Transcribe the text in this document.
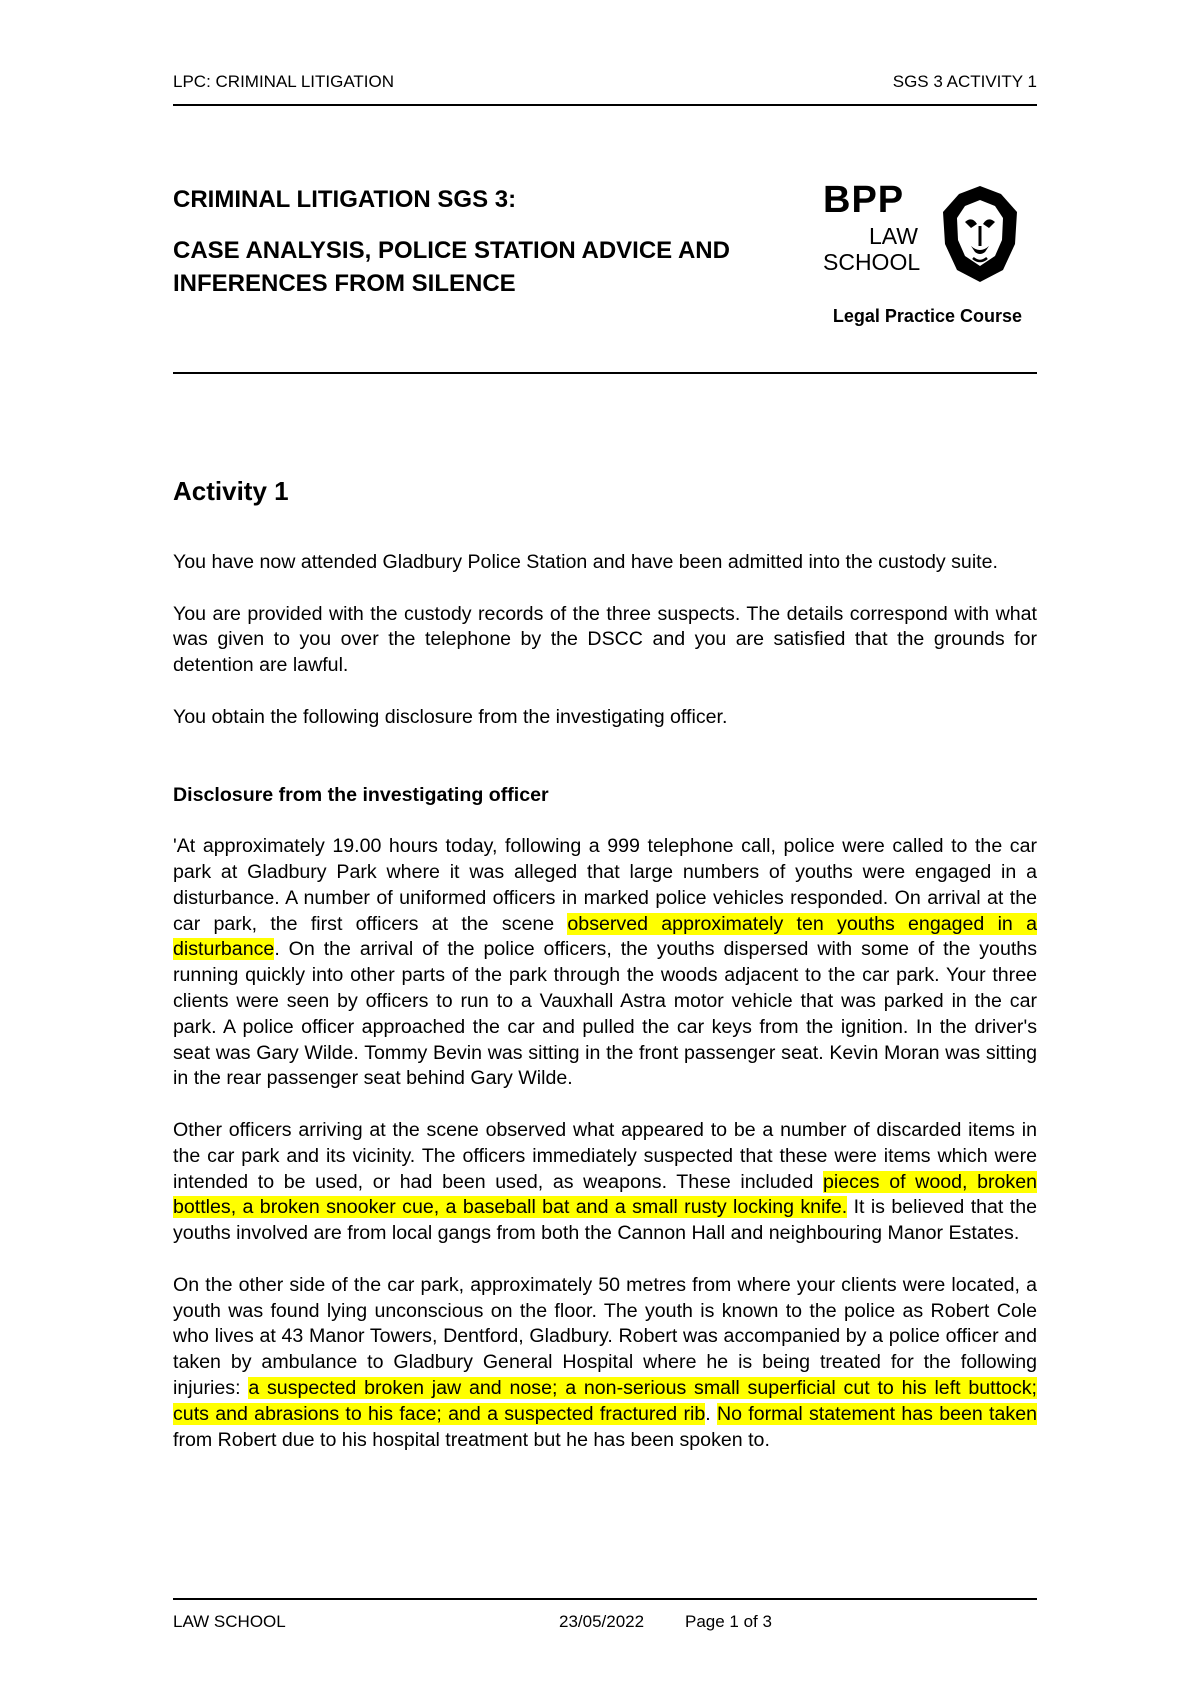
LPC: CRIMINAL LITIGATION	SGS 3 ACTIVITY 1

CRIMINAL LITIGATION SGS 3:

CASE ANALYSIS, POLICE STATION ADVICE AND INFERENCES FROM SILENCE

BPP
LAW
SCHOOL
Legal Practice Course
Activity 1

You have now attended Gladbury Police Station and have been admitted into the custody suite.

You are provided with the custody records of the three suspects. The details correspond with what was given to you over the telephone by the DSCC and you are satisfied that the grounds for detention are lawful.

You obtain the following disclosure from the investigating officer.

Disclosure from the investigating officer

'At approximately 19.00 hours today, following a 999 telephone call, police were called to the car park at Gladbury Park where it was alleged that large numbers of youths were engaged in a disturbance. A number of uniformed officers in marked police vehicles responded. On arrival at the car park, the first officers at the scene observed approximately ten youths engaged in a disturbance. On the arrival of the police officers, the youths dispersed with some of the youths running quickly into other parts of the park through the woods adjacent to the car park. Your three clients were seen by officers to run to a Vauxhall Astra motor vehicle that was parked in the car park. A police officer approached the car and pulled the car keys from the ignition. In the driver's seat was Gary Wilde. Tommy Bevin was sitting in the front passenger seat. Kevin Moran was sitting in the rear passenger seat behind Gary Wilde.

Other officers arriving at the scene observed what appeared to be a number of discarded items in the car park and its vicinity. The officers immediately suspected that these were items which were intended to be used, or had been used, as weapons. These included pieces of wood, broken bottles, a broken snooker cue, a baseball bat and a small rusty locking knife. It is believed that the youths involved are from local gangs from both the Cannon Hall and neighbouring Manor Estates.

On the other side of the car park, approximately 50 metres from where your clients were located, a youth was found lying unconscious on the floor. The youth is known to the police as Robert Cole who lives at 43 Manor Towers, Dentford, Gladbury. Robert was accompanied by a police officer and taken by ambulance to Gladbury General Hospital where he is being treated for the following injuries: a suspected broken jaw and nose; a non-serious small superficial cut to his left buttock; cuts and abrasions to his face; and a suspected fractured rib. No formal statement has been taken from Robert due to his hospital treatment but he has been spoken to.

LAW SCHOOL	23/05/2022 Page 1 of 3
